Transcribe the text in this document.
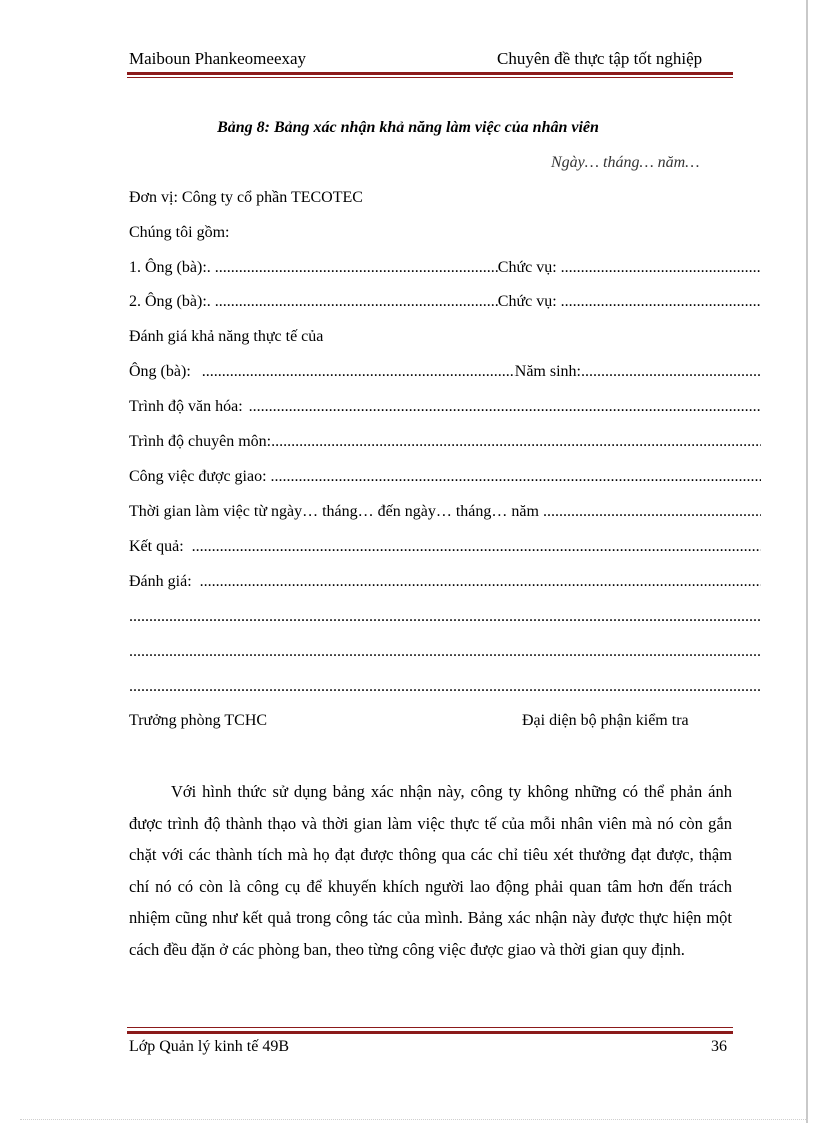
Maiboun Phankeomeexay	Chuyên đề thực tập tốt nghiệp
Bảng 8: Bảng xác nhận khả năng làm việc của nhân viên
Ngày… tháng… năm…
Đơn vị: Công ty cổ phần TECOTEC
Chúng tôi gồm:
1. Ông (bà):. .....	Chức vụ:
.....
2. Ông (bà):. .....	Chức vụ:
.....
Đánh giá khả năng thực tế của
Ông (bà): .....	Năm sinh:
.....
Trình độ văn hóa:
.....
Trình độ chuyên môn:
.....
Công việc được giao:
.....
Thời gian làm việc từ ngày… tháng… đến ngày… tháng… năm
.....
Kết quả:
.....
Đánh giá:
.....
.....
.....
.....
Trưởng phòng TCHC	Đại diện bộ phận kiểm tra

Với hình thức sử dụng bảng xác nhận này, công ty không những có thể phản ánh được trình độ thành thạo và thời gian làm việc thực tế của mỗi nhân viên mà nó còn gắn chặt với các thành tích mà họ đạt được thông qua các chỉ tiêu xét thưởng đạt được, thậm chí nó có còn là công cụ để khuyến khích người lao động phải quan tâm hơn đến trách nhiệm cũng như kết quả trong công tác của mình. Bảng xác nhận này được thực hiện một cách đều đặn ở các phòng ban, theo từng công việc được giao và thời gian quy định.

Lớp Quản lý kinh tế 49B	36
